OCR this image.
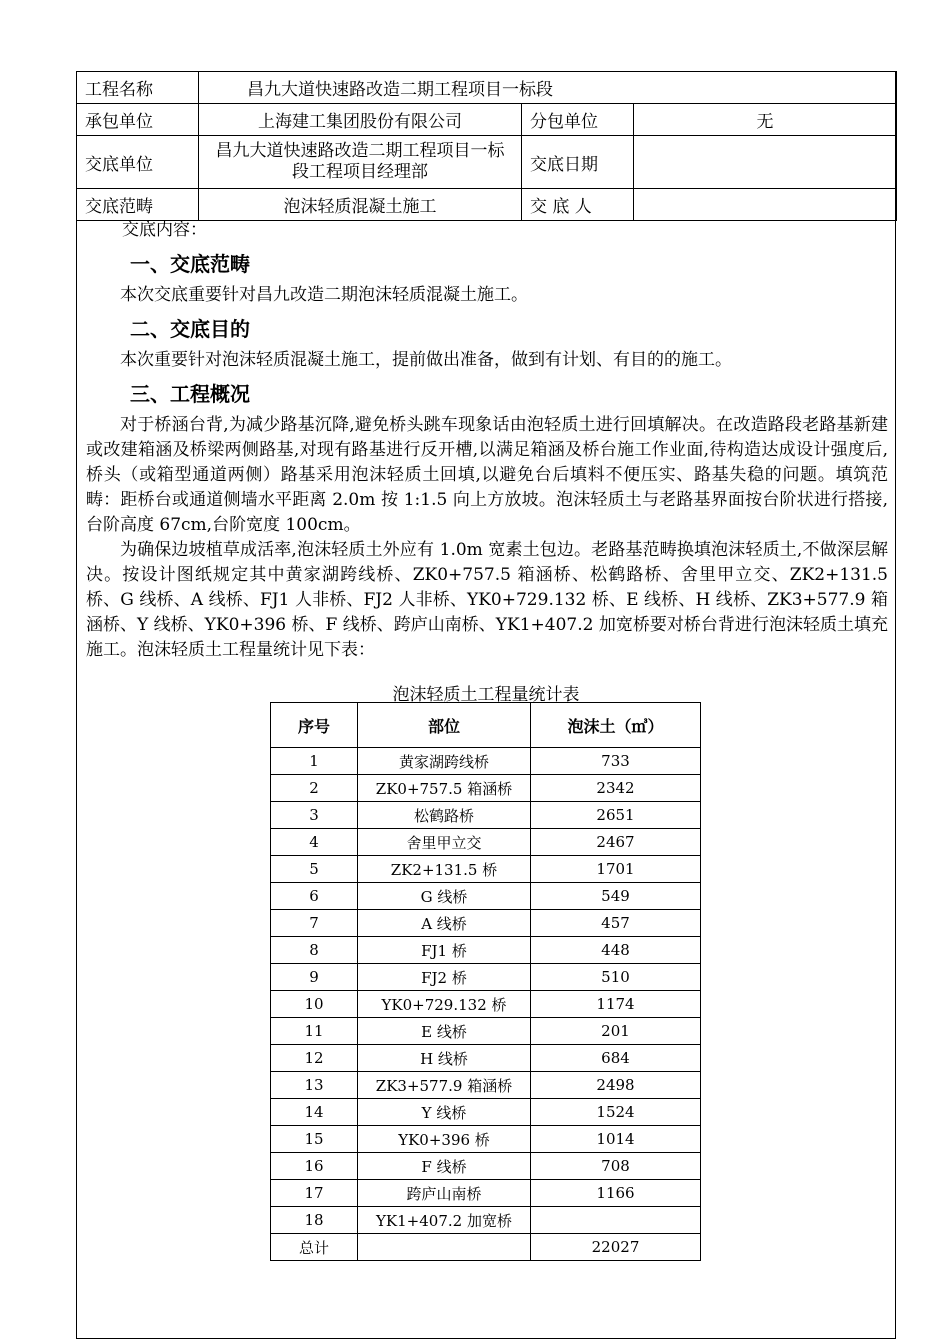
工程名称	昌九大道快速路改造二期工程项目一标段		
承包单位	上海建工集团股份有限公司	分包单位	无
交底单位	昌九大道快速路改造二期工程项目一标段工程项目经理部	交底日期	
交底范畴	泡沫轻质混凝土施工	交 底 人	
交底内容：
一、交底范畴

本次交底重要针对昌九改造二期泡沫轻质混凝土施工。

二、交底目的

本次重要针对泡沫轻质混凝土施工，提前做出准备，做到有计划、有目的的施工。

三、工程概况

对于桥涵台背,为减少路基沉降,避免桥头跳车现象话由泡轻质土进行回填解决。在改造路段老路基新建或改建箱涵及桥梁两侧路基,对现有路基进行反开槽,以满足箱涵及桥台施工作业面,待构造达成设计强度后,桥头（或箱型通道两侧）路基采用泡沫轻质土回填,以避免台后填料不便压实、路基失稳的问题。填筑范畴：距桥台或通道侧墙水平距离 2.0m 按 1:1.5 向上方放坡。泡沫轻质土与老路基界面按台阶状进行搭接,台阶高度 67cm,台阶宽度 100cm。

为确保边坡植草成活率,泡沫轻质土外应有 1.0m 宽素土包边。老路基范畴换填泡沫轻质土,不做深层解决。按设计图纸规定其中黄家湖跨线桥、ZK0+757.5 箱涵桥、松鹤路桥、舍里甲立交、ZK2+131.5 桥、G 线桥、A 线桥、FJ1 人非桥、FJ2 人非桥、YK0+729.132 桥、E 线桥、H 线桥、ZK3+577.9 箱涵桥、Y 线桥、YK0+396 桥、F 线桥、跨庐山南桥、YK1+407.2 加宽桥要对桥台背进行泡沫轻质土填充施工。泡沫轻质土工程量统计见下表：

泡沫轻质土工程量统计表
序号	部位	泡沫土（㎥）
1	黄家湖跨线桥	733
2	ZK0+757.5 箱涵桥	2342
3	松鹤路桥	2651
4	舍里甲立交	2467
5	ZK2+131.5 桥	1701
6	G 线桥	549
7	A 线桥	457
8	FJ1 桥	448
9	FJ2 桥	510
10	YK0+729.132 桥	1174
11	E 线桥	201
12	H 线桥	684
13	ZK3+577.9 箱涵桥	2498
14	Y 线桥	1524
15	YK0+396 桥	1014
16	F 线桥	708
17	跨庐山南桥	1166
18	YK1+407.2 加宽桥	
总计		22027
